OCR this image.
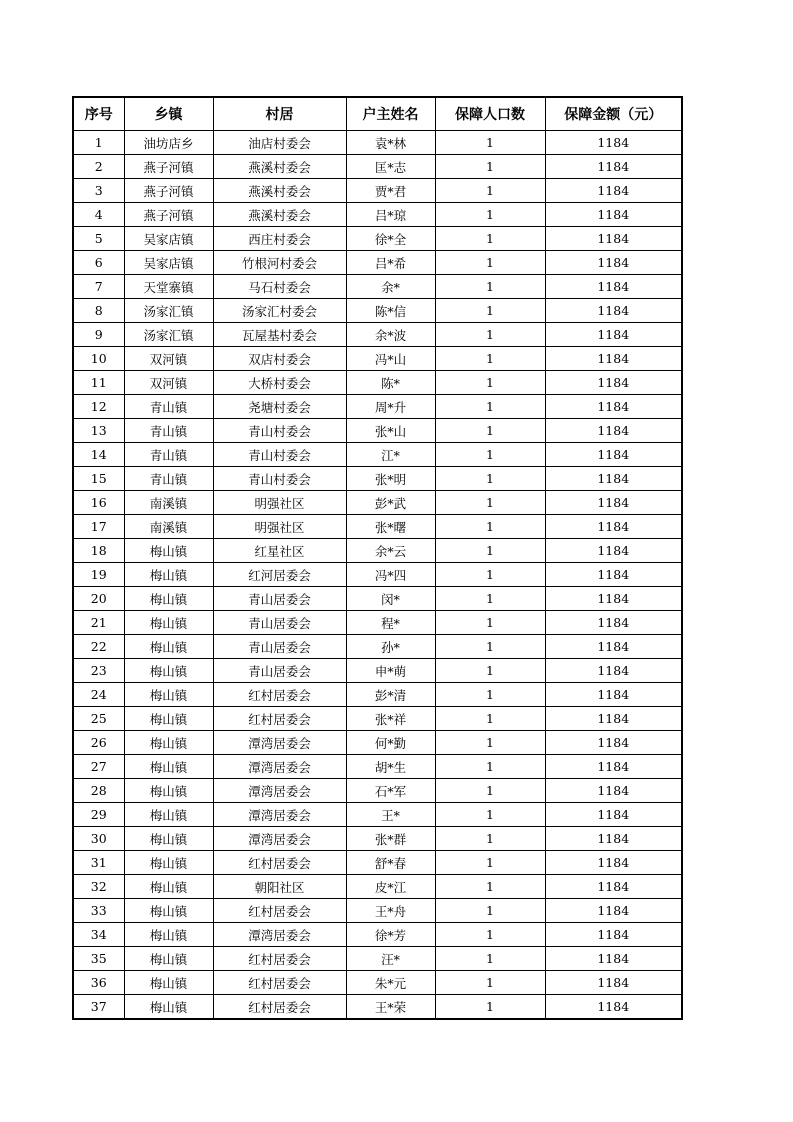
序号	乡镇	村居	户主姓名	保障人口数	保障金额（元）
1	油坊店乡	油店村委会	袁*林	1	1184
2	燕子河镇	燕溪村委会	匡*志	1	1184
3	燕子河镇	燕溪村委会	贾*君	1	1184
4	燕子河镇	燕溪村委会	吕*琼	1	1184
5	吴家店镇	西庄村委会	徐*全	1	1184
6	吴家店镇	竹根河村委会	吕*希	1	1184
7	天堂寨镇	马石村委会	余*	1	1184
8	汤家汇镇	汤家汇村委会	陈*信	1	1184
9	汤家汇镇	瓦屋基村委会	余*波	1	1184
10	双河镇	双店村委会	冯*山	1	1184
11	双河镇	大桥村委会	陈*	1	1184
12	青山镇	尧塘村委会	周*升	1	1184
13	青山镇	青山村委会	张*山	1	1184
14	青山镇	青山村委会	江*	1	1184
15	青山镇	青山村委会	张*明	1	1184
16	南溪镇	明强社区	彭*武	1	1184
17	南溪镇	明强社区	张*曙	1	1184
18	梅山镇	红星社区	余*云	1	1184
19	梅山镇	红河居委会	冯*四	1	1184
20	梅山镇	青山居委会	闵*	1	1184
21	梅山镇	青山居委会	程*	1	1184
22	梅山镇	青山居委会	孙*	1	1184
23	梅山镇	青山居委会	申*萌	1	1184
24	梅山镇	红村居委会	彭*清	1	1184
25	梅山镇	红村居委会	张*祥	1	1184
26	梅山镇	潭湾居委会	何*勤	1	1184
27	梅山镇	潭湾居委会	胡*生	1	1184
28	梅山镇	潭湾居委会	石*军	1	1184
29	梅山镇	潭湾居委会	王*	1	1184
30	梅山镇	潭湾居委会	张*群	1	1184
31	梅山镇	红村居委会	舒*春	1	1184
32	梅山镇	朝阳社区	皮*江	1	1184
33	梅山镇	红村居委会	王*舟	1	1184
34	梅山镇	潭湾居委会	徐*芳	1	1184
35	梅山镇	红村居委会	汪*	1	1184
36	梅山镇	红村居委会	朱*元	1	1184
37	梅山镇	红村居委会	王*荣	1	1184
